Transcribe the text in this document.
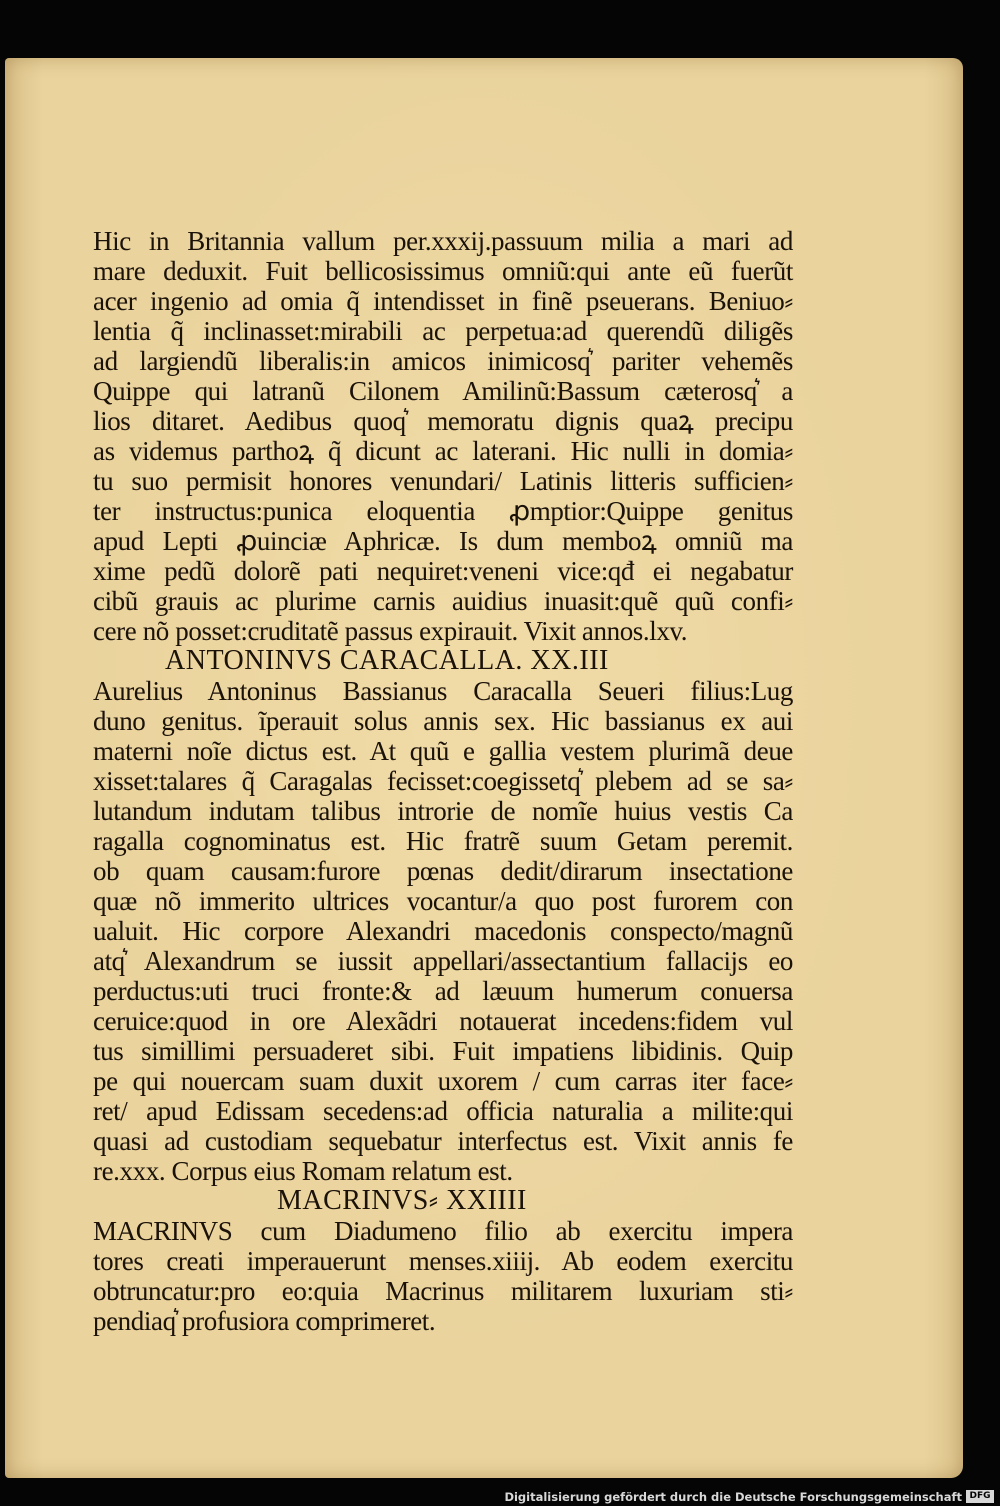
Hic in Britannia vallum per.xxxij.passuum milia a mari ad
mare deduxit. Fuit bellicosissimus omniũ:qui ante eũ fuerũt
acer ingenio ad omia q̃ intendisset in finẽ pseuerans. Beniuo⸗
lentia q̃ inclinasset:mirabili ac perpetua:ad querendũ diligẽs
ad largiendũ liberalis:in amicos inimicosq͛ pariter vehemẽs
Quippe qui latranũ Cilonem Amilinũ:Bassum cæterosq͛ a
lios ditaret. Aedibus quoq͛ memoratu dignis quaꝝ precipu
as videmus parthoꝝ q̃ dicunt ac laterani. Hic nulli in domia⸗
tu suo permisit honores venundari/ Latinis litteris sufficien⸗
ter instructus:punica eloquentia ꝓmptior:Quippe genitus
apud Lepti ꝓuinciæ Aphricæ. Is dum memboꝝ omniũ ma
xime pedũ dolorẽ pati nequiret:veneni vice:qđ ei negabatur
cibũ grauis ac plurime carnis auidius inuasit:quẽ quũ confi⸗
cere nõ posset:cruditatẽ passus expirauit. Vixit annos.lxv.
ANTONINVS CARACALLA. XX.III
Aurelius Antoninus Bassianus Caracalla Seueri filius:Lug
duno genitus. ĩperauit solus annis sex. Hic bassianus ex aui
materni noĩe dictus est. At quũ e gallia vestem plurimã deue
xisset:talares q̃ Caragalas fecisset:coegissetq͛ plebem ad se sa⸗
lutandum indutam talibus introrie de nomĩe huius vestis Ca
ragalla cognominatus est. Hic fratrẽ suum Getam peremit.
ob quam causam:furore pœnas dedit/dirarum insectatione
quæ nõ immerito ultrices vocantur/a quo post furorem con
ualuit. Hic corpore Alexandri macedonis conspecto/magnũ
atq͛ Alexandrum se iussit appellari/assectantium fallacijs eo
perductus:uti truci fronte:& ad læuum humerum conuersa
ceruice:quod in ore Alexãdri notauerat incedens:fidem vul
tus simillimi persuaderet sibi. Fuit impatiens libidinis. Quip
pe qui nouercam suam duxit uxorem / cum carras iter face⸗
ret/ apud Edissam secedens:ad officia naturalia a milite:qui
quasi ad custodiam sequebatur interfectus est. Vixit annis fe
re.xxx. Corpus eius Romam relatum est.
MACRINVS⸗ XXIIII
MACRINVS cum Diadumeno filio ab exercitu impera
tores creati imperauerunt menses.xiiij. Ab eodem exercitu
obtruncatur:pro eo:quia Macrinus militarem luxuriam sti⸗
pendiaq͛ profusiora comprimeret.
Digitalisierung gefördert durch die Deutsche Forschungsgemeinschaft DFG
